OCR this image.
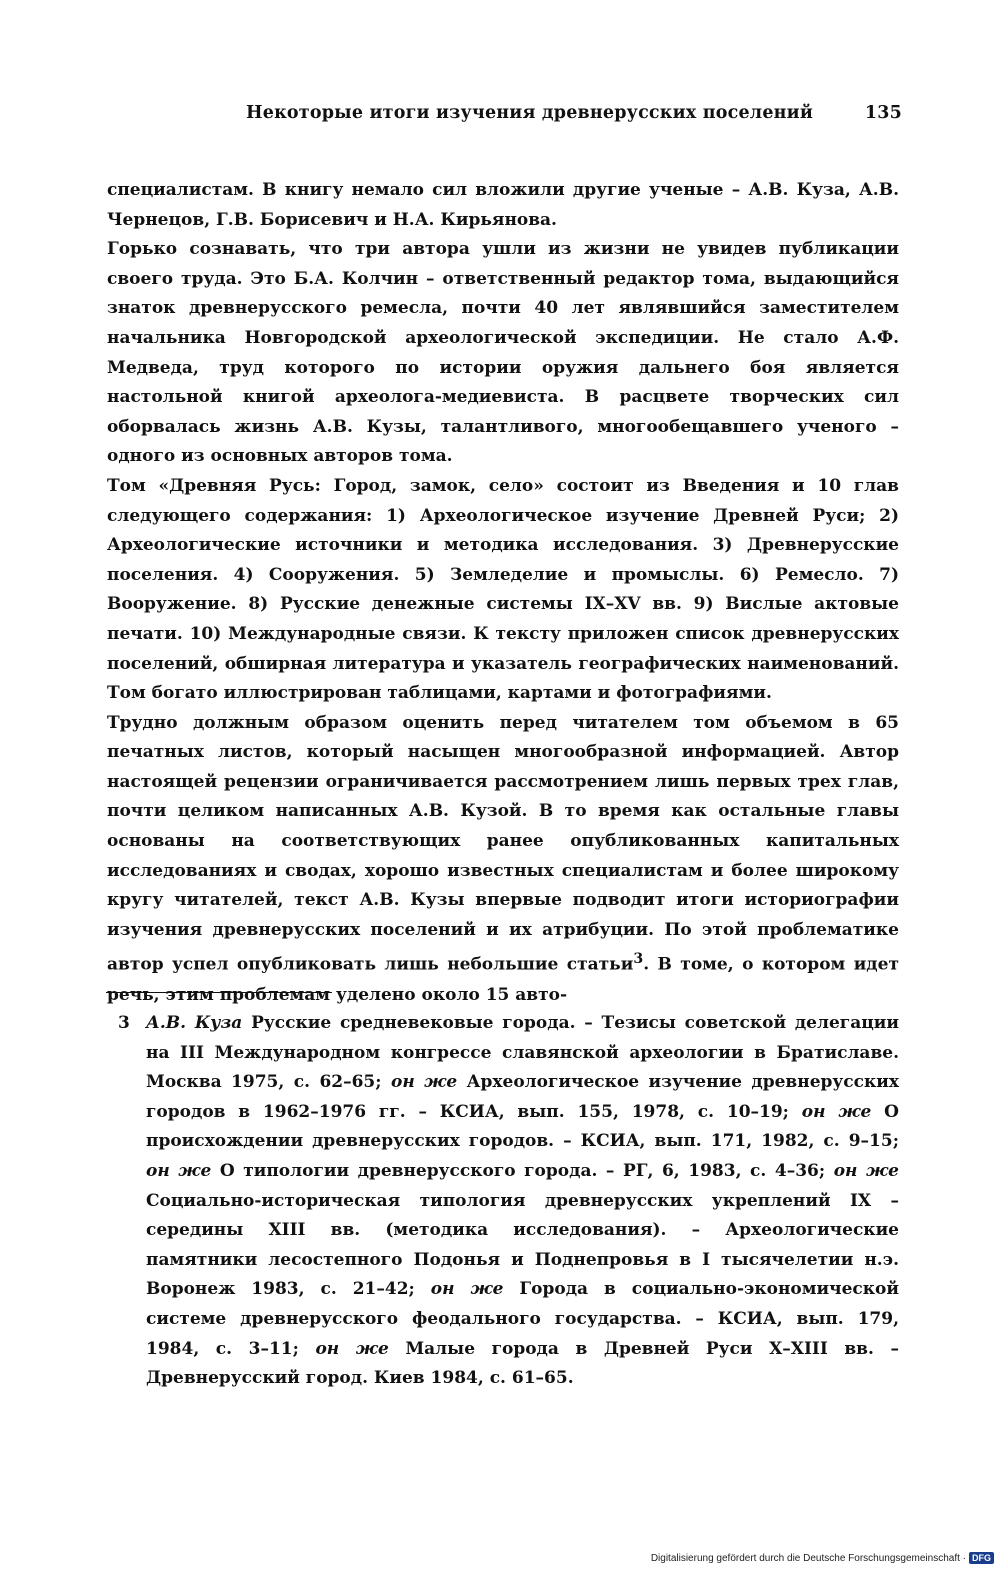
Некоторые итоги изучения древнерусских поселений	135

специалистам. В книгу немало сил вложили другие ученые – А.В. Куза, А.В. Чернецов, Г.В. Борисевич и Н.А. Кирьянова.

Горько сознавать, что три автора ушли из жизни не увидев публикации своего труда. Это Б.А. Колчин – ответственный редактор тома, выдающийся знаток древнерусского ремесла, почти 40 лет являвшийся заместителем начальника Новгородской археологической экспедиции. Не стало А.Ф. Медведа, труд которого по истории оружия дальнего боя является настольной книгой археолога-медиевиста. В расцвете творческих сил оборвалась жизнь А.В. Кузы, талантливого, многообещавшего ученого – одного из основных авторов тома.

Том «Древняя Русь: Город, замок, село» состоит из Введения и 10 глав следующего содержания: 1) Археологическое изучение Древней Руси; 2) Археологические источники и методика исследования. 3) Древнерусские поселения. 4) Сооружения. 5) Земледелие и промыслы. 6) Ремесло. 7) Вооружение. 8) Русские денежные системы IX–XV вв. 9) Вислые актовые печати. 10) Международные связи. К тексту приложен список древнерусских поселений, обширная литература и указатель географических наименований. Том богато иллюстрирован таблицами, картами и фотографиями.

Трудно должным образом оценить перед читателем том объемом в 65 печатных листов, который насыщен многообразной информацией. Автор настоящей рецензии ограничивается рассмотрением лишь первых трех глав, почти целиком написанных А.В. Кузой. В то время как остальные главы основаны на соответствующих ранее опубликованных капитальных исследованиях и сводах, хорошо известных специалистам и более широкому кругу читателей, текст А.В. Кузы впервые подводит итоги историографии изучения древнерусских поселений и их атрибуции. По этой проблематике автор успел опубликовать лишь небольшие статьи$^3$. В томе, о котором идет речь, этим проблемам уделено около 15 авто-

3 А.В. Куза Русские средневековые города. – Тезисы советской делегации на III Международном конгрессе славянской археологии в Братиславе. Москва 1975, с. 62–65; он же Археологическое изучение древнерусских городов в 1962–1976 гг. – КСИА, вып. 155, 1978, с. 10–19; он же О происхождении древнерусских городов. – КСИА, вып. 171, 1982, с. 9–15; он же О типологии древнерусского города. – РГ, 6, 1983, с. 4–36; он же Социально-историческая типология древнерусских укреплений IX – середины XIII вв. (методика исследования). – Археологические памятники лесостепного Подонья и Поднепровья в I тысячелетии н.э. Воронеж 1983, с. 21–42; он же Города в социально-экономической системе древнерусского феодального государства. – КСИА, вып. 179, 1984, с. 3–11; он же Малые города в Древней Руси X–XIII вв. – Древнерусский город. Киев 1984, с. 61–65.
Digitalisierung gefördert durch die Deutsche Forschungsgemeinschaft · DFG
